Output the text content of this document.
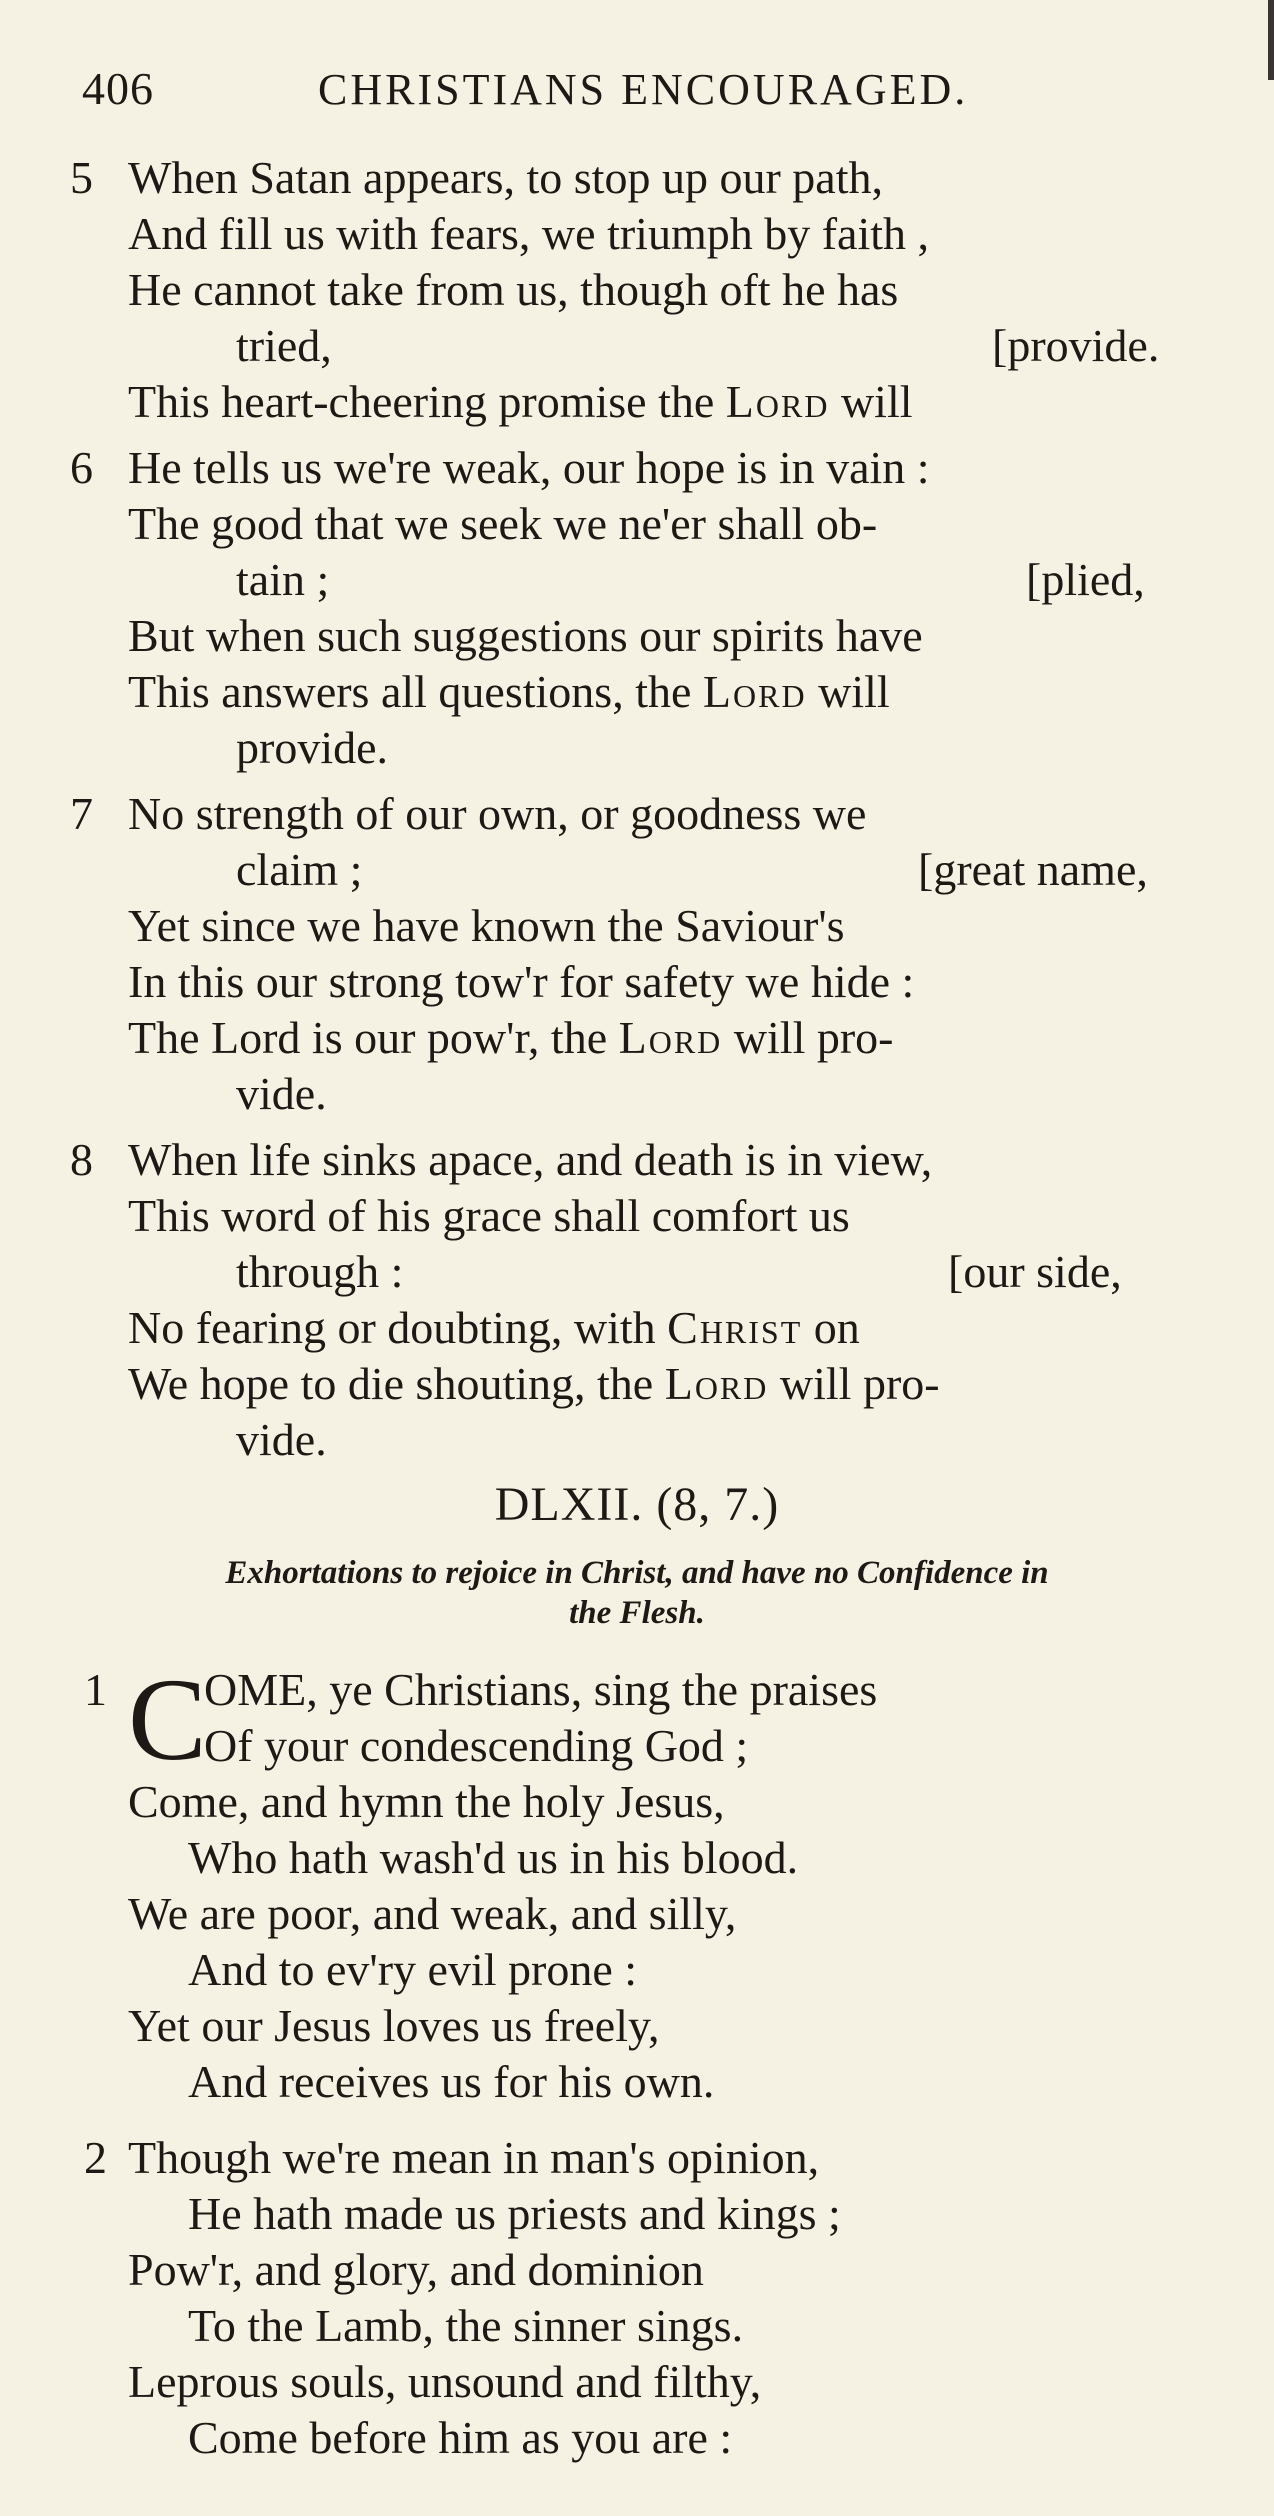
406	CHRISTIANS ENCOURAGED.
5 When Satan appears, to stop up our path,
And fill us with fears, we triumph by faith ,
He cannot take from us, though oft he has
tried,	[provide.
This heart-cheering promise the Lord will
6 He tells us we're weak, our hope is in vain :
The good that we seek we ne'er shall ob-
tain ;	[plied,
But when such suggestions our spirits have
This answers all questions, the Lord will
provide.
7 No strength of our own, or goodness we
claim ;	[great name,
Yet since we have known the Saviour's
In this our strong tow'r for safety we hide :
The Lord is our pow'r, the Lord will pro-
vide.
8 When life sinks apace, and death is in view,
This word of his grace shall comfort us
through :	[our side,
No fearing or doubting, with Christ on
We hope to die shouting, the Lord will pro-
vide.
DLXII. (8, 7.)
Exhortations to rejoice in Christ, and have no Confidence in
the Flesh.
1 C
OME, ye Christians, sing the praises
Of your condescending God ;
Come, and hymn the holy Jesus,
Who hath wash'd us in his blood.
We are poor, and weak, and silly,
And to ev'ry evil prone :
Yet our Jesus loves us freely,
And receives us for his own.
2 Though we're mean in man's opinion,
He hath made us priests and kings ;
Pow'r, and glory, and dominion
To the Lamb, the sinner sings.
Leprous souls, unsound and filthy,
Come before him as you are :
